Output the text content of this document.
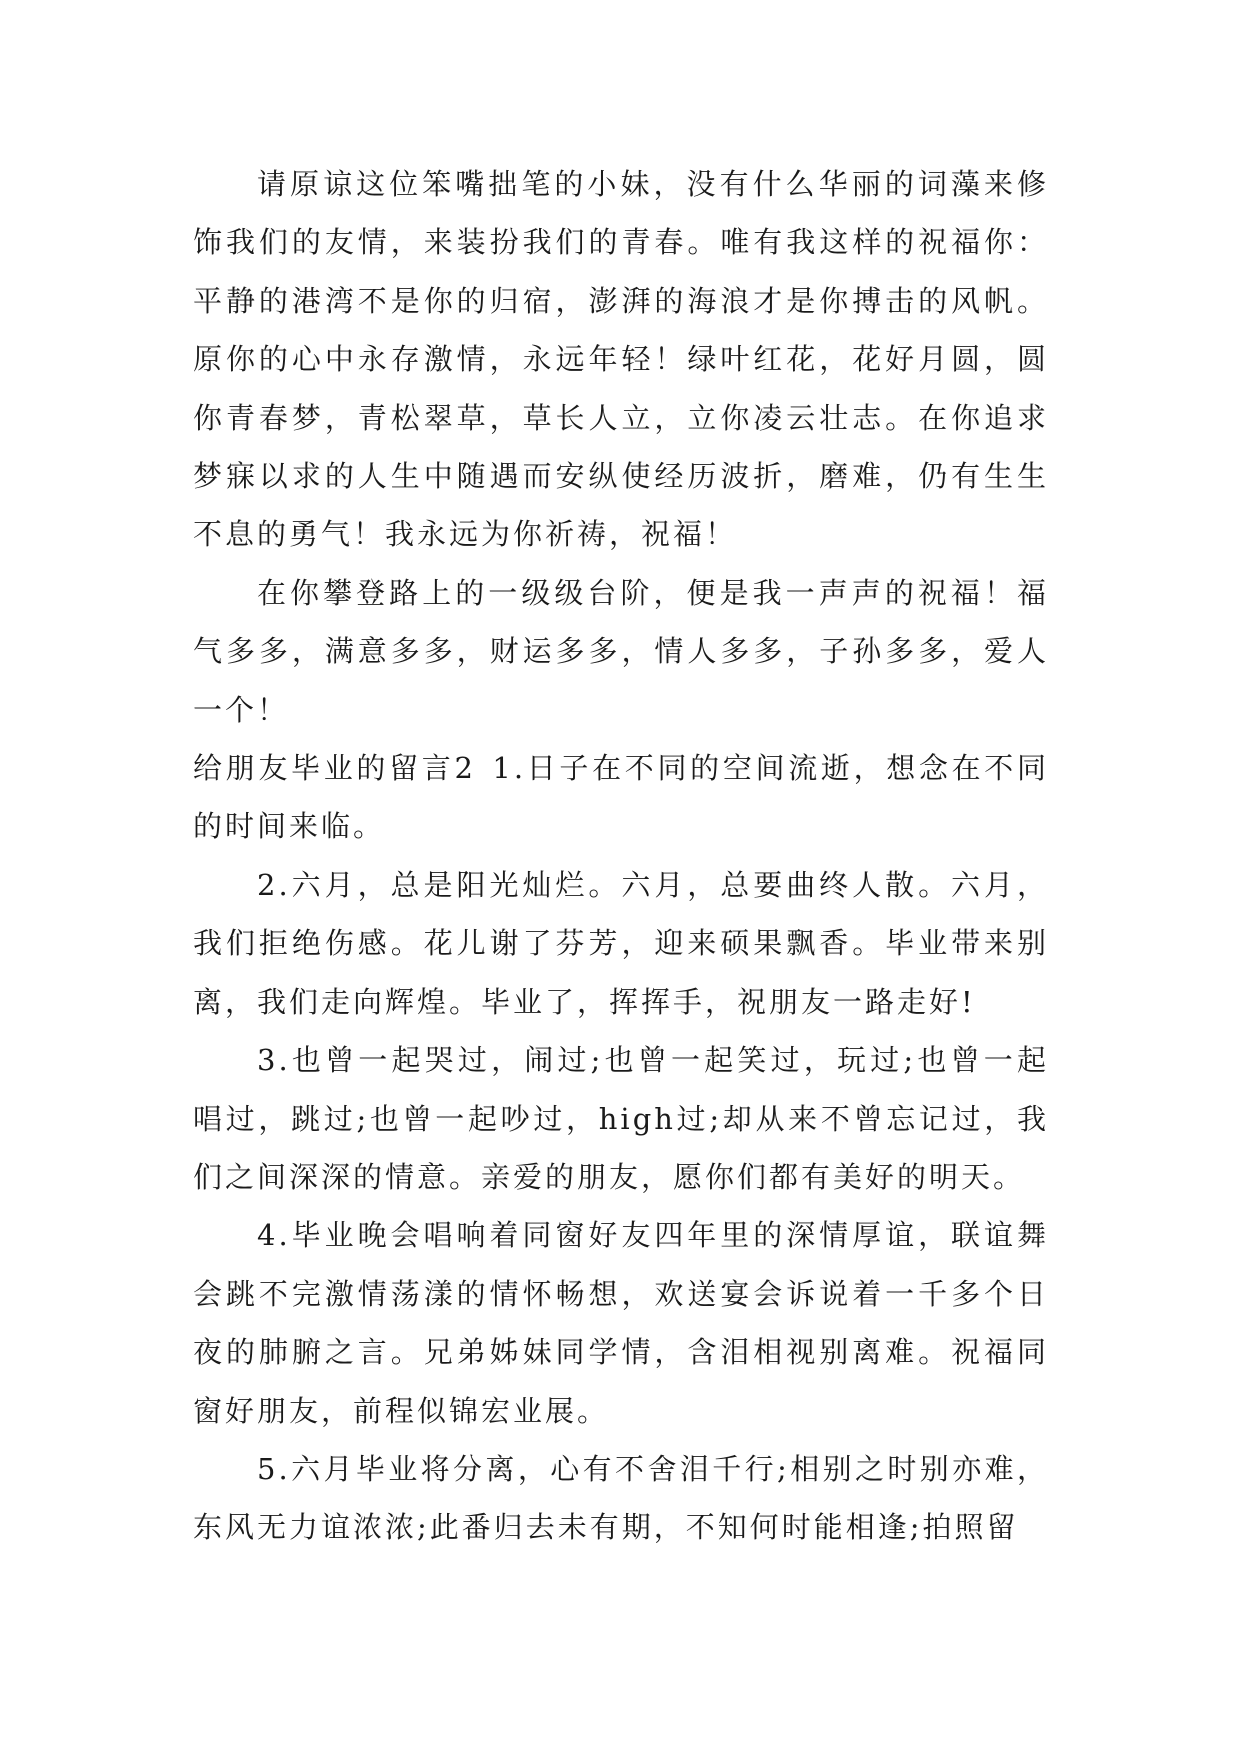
请原谅这位笨嘴拙笔的小妹，没有什么华丽的词藻来修饰我们的友情，来装扮我们的青春。唯有我这样的祝福你：平静的港湾不是你的归宿，澎湃的海浪才是你搏击的风帆。原你的心中永存激情，永远年轻！绿叶红花，花好月圆，圆你青春梦，青松翠草，草长人立，立你凌云壮志。在你追求梦寐以求的人生中随遇而安纵使经历波折，磨难，仍有生生不息的勇气！我永远为你祈祷，祝福！

在你攀登路上的一级级台阶，便是我一声声的祝福！福气多多，满意多多，财运多多，情人多多，子孙多多，爱人一个！

给朋友毕业的留言2	1.日子在不同的空间流逝，想念在不同的时间来临。

2.六月，总是阳光灿烂。六月，总要曲终人散。六月，我们拒绝伤感。花儿谢了芬芳，迎来硕果飘香。毕业带来别离，我们走向辉煌。毕业了，挥挥手，祝朋友一路走好!

3.也曾一起哭过，闹过;也曾一起笑过，玩过;也曾一起唱过，跳过;也曾一起吵过，high过;却从来不曾忘记过，我们之间深深的情意。亲爱的朋友，愿你们都有美好的明天。

4.毕业晚会唱响着同窗好友四年里的深情厚谊，联谊舞会跳不完激情荡漾的情怀畅想，欢送宴会诉说着一千多个日夜的肺腑之言。兄弟姊妹同学情，含泪相视别离难。祝福同窗好朋友，前程似锦宏业展。

5.六月毕业将分离，心有不舍泪千行;相别之时别亦难，东风无力谊浓浓;此番归去未有期，不知何时能相逢;拍照留
